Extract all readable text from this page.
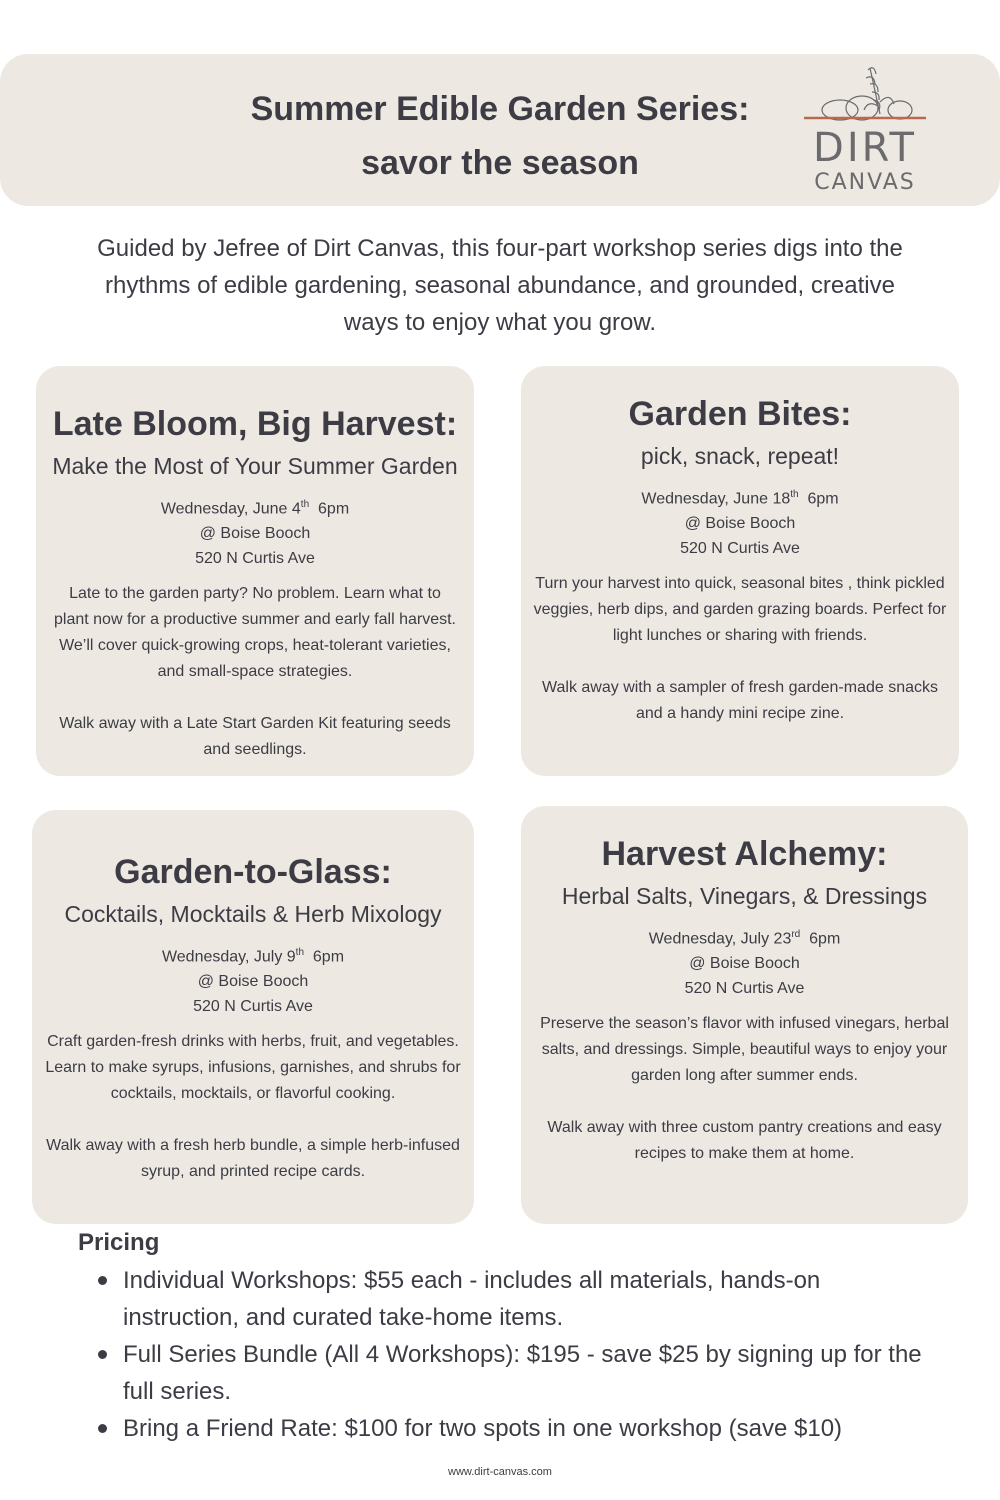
Summer Edible Garden Series:
savor the season	DIRT
CANVAS

Guided by Jefree of Dirt Canvas, this four-part workshop series digs into the rhythms of edible gardening, seasonal abundance, and grounded, creative ways to enjoy what you grow.

Late Bloom, Big Harvest:

Make the Most of Your Summer Garden

Wednesday, June 4th 6pm

@ Boise Booch

520 N Curtis Ave

Late to the garden party? No problem. Learn what to plant now for a productive summer and early fall harvest. We’ll cover quick-growing crops, heat-tolerant varieties, and small-space strategies.

Walk away with a Late Start Garden Kit featuring seeds and seedlings.

Garden Bites:

pick, snack, repeat!

Wednesday, June 18th 6pm

@ Boise Booch

520 N Curtis Ave

Turn your harvest into quick, seasonal bites , think pickled veggies, herb dips, and garden grazing boards. Perfect for light lunches or sharing with friends.

Walk away with a sampler of fresh garden-made snacks and a handy mini recipe zine.

Garden-to-Glass:

Cocktails, Mocktails & Herb Mixology

Wednesday, July 9th 6pm

@ Boise Booch

520 N Curtis Ave

Craft garden-fresh drinks with herbs, fruit, and vegetables. Learn to make syrups, infusions, garnishes, and shrubs for cocktails, mocktails, or flavorful cooking.

Walk away with a fresh herb bundle, a simple herb-infused syrup, and printed recipe cards.

Harvest Alchemy:

Herbal Salts, Vinegars, & Dressings

Wednesday, July 23rd 6pm

@ Boise Booch

520 N Curtis Ave

Preserve the season’s flavor with infused vinegars, herbal salts, and dressings. Simple, beautiful ways to enjoy your garden long after summer ends.

Walk away with three custom pantry creations and easy recipes to make them at home.

Pricing
Individual Workshops: $55 each - includes all materials, hands-on instruction, and curated take-home items.
Full Series Bundle (All 4 Workshops): $195 - save $25 by signing up for the full series.
Bring a Friend Rate: $100 for two spots in one workshop (save $10)

www.dirt-canvas.com
